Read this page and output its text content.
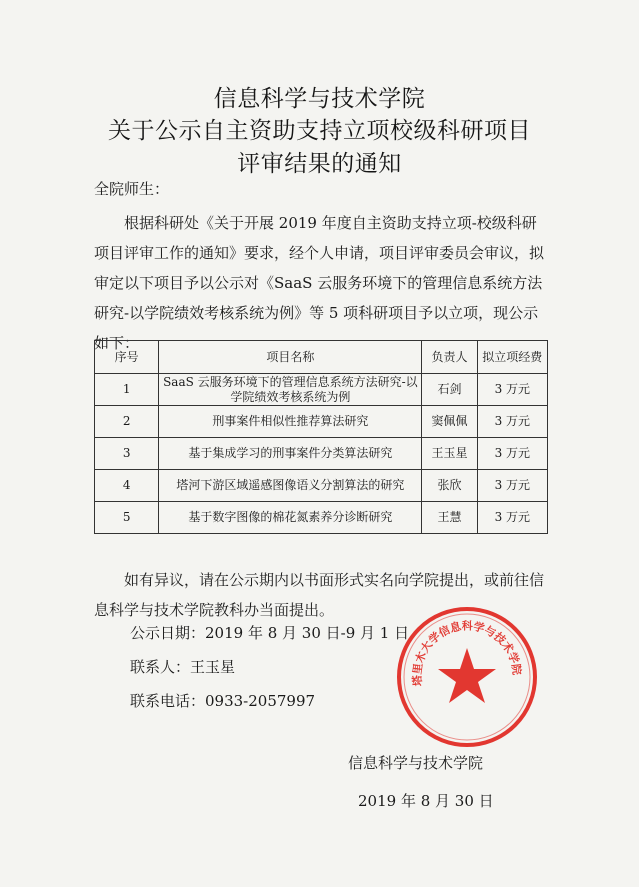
信息科学与技术学院
关于公示自主资助支持立项校级科研项目
评审结果的通知
全院师生：
根据科研处《关于开展 2019 年度自主资助支持立项-校级科研项目评审工作的通知》要求，经个人申请，项目评审委员会审议，拟审定以下项目予以公示对《SaaS 云服务环境下的管理信息系统方法研究-以学院绩效考核系统为例》等 5 项科研项目予以立项，现公示如下：
序号	项目名称	负责人	拟立项经费
1	SaaS 云服务环境下的管理信息系统方法研究-以学院绩效考核系统为例	石剑	3 万元
2	刑事案件相似性推荐算法研究	窦佩佩	3 万元
3	基于集成学习的刑事案件分类算法研究	王玉星	3 万元
4	塔河下游区域遥感图像语义分割算法的研究	张欣	3 万元
5	基于数字图像的棉花氮素养分诊断研究	王慧	3 万元
如有异议，请在公示期内以书面形式实名向学院提出，或前往信息科学与技术学院教科办当面提出。
公示日期：2019 年 8 月 30 日-9 月 1 日
联系人：王玉星
联系电话：0933-2057997
塔里木大学信息科学与技术学院
信息科学与技术学院
2019 年 8 月 30 日
